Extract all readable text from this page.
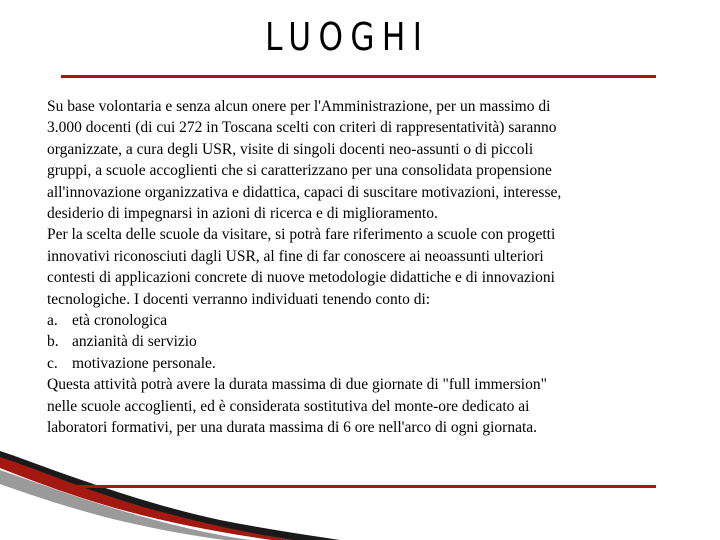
LUOGHI

Su base volontaria e senza alcun onere per l'Amministrazione, per un massimo di

3.000 docenti (di cui 272 in Toscana scelti con criteri di rappresentatività) saranno

organizzate, a cura degli USR, visite di singoli docenti neo-assunti o di piccoli

gruppi, a scuole accoglienti che si caratterizzano per una consolidata propensione

all'innovazione organizzativa e didattica, capaci di suscitare motivazioni, interesse,

desiderio di impegnarsi in azioni di ricerca e di miglioramento.

Per la scelta delle scuole da visitare, si potrà fare riferimento a scuole con progetti

innovativi riconosciuti dagli USR, al fine di far conoscere ai neoassunti ulteriori

contesti di applicazioni concrete di nuove metodologie didattiche e di innovazioni

tecnologiche. I docenti verranno individuati tenendo conto di:

a. età cronologica

b. anzianità di servizio

c. motivazione personale.

Questa attività potrà avere la durata massima di due giornate di "full immersion"

nelle scuole accoglienti, ed è considerata sostitutiva del monte-ore dedicato ai

laboratori formativi, per una durata massima di 6 ore nell'arco di ogni giornata.
